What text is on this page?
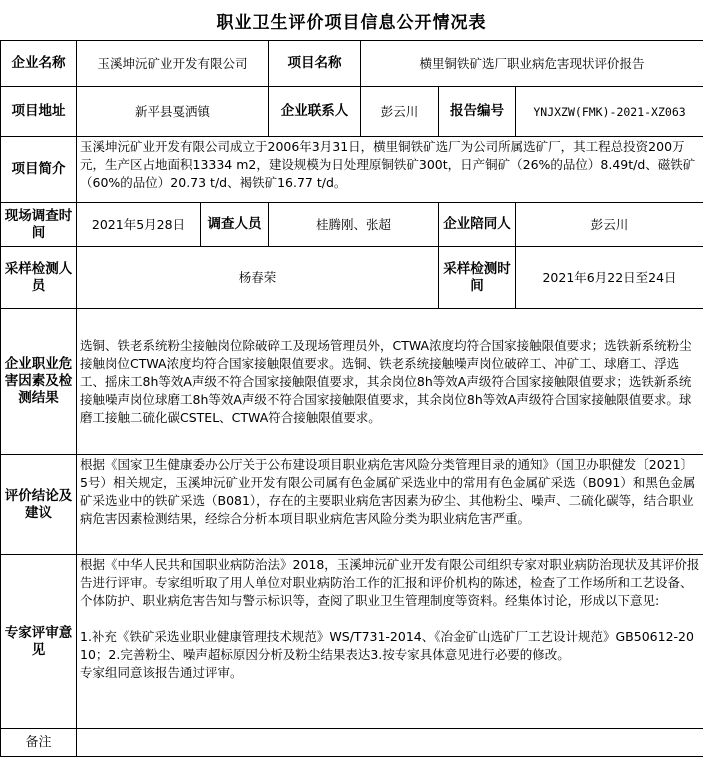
职业卫生评价项目信息公开情况表
企业名称	玉溪坤沅矿业开发有限公司		项目名称	横里铜铁矿选厂职业病危害现状评价报告		
项目地址	新平县戛洒镇		企业联系人	彭云川	报告编号	YNJXZW(FMK)-2021-XZ063
项目简介	玉溪坤沅矿业开发有限公司成立于2006年3月31日，横里铜铁矿选厂为公司所属选矿厂，其工程总投资200万元，生产区占地面积13334 m2，建设规模为日处理原铜铁矿300t，日产铜矿（26%的品位）8.49t/d、磁铁矿（60%的品位）20.73 t/d、褐铁矿16.77 t/d。					
现场调查时间	2021年5月28日	调查人员	桂腾刚、张超		企业陪同人	彭云川
采样检测人员	杨春荣				采样检测时间	2021年6月22日至24日
企业职业危害因素及检测结果	选铜、铁老系统粉尘接触岗位除破碎工及现场管理员外，CTWA浓度均符合国家接触限值要求；选铁新系统粉尘接触岗位CTWA浓度均符合国家接触限值要求。选铜、铁老系统接触噪声岗位破碎工、冲矿工、球磨工、浮选工、摇床工8h等效A声级不符合国家接触限值要求，其余岗位8h等效A声级符合国家接触限值要求；选铁新系统接触噪声岗位球磨工8h等效A声级不符合国家接触限值要求，其余岗位8h等效A声级符合国家接触限值要求。球磨工接触二硫化碳CSTEL、CTWA符合接触限值要求。					
评价结论及建议	根据《国家卫生健康委办公厅关于公布建设项目职业病危害风险分类管理目录的通知》（国卫办职健发〔2021〕5号）相关规定，玉溪坤沅矿业开发有限公司属有色金属矿采选业中的常用有色金属矿采选（B091）和黑色金属矿采选业中的铁矿采选（B081），存在的主要职业病危害因素为矽尘、其他粉尘、噪声、二硫化碳等，结合职业病危害因素检测结果，经综合分析本项目职业病危害风险分类为职业病危害严重。					
专家评审意见	根据《中华人民共和国职业病防治法》2018，玉溪坤沅矿业开发有限公司组织专家对职业病防治现状及其评价报告进行评审。专家组听取了用人单位对职业病防治工作的汇报和评价机构的陈述，检查了工作场所和工艺设备、个体防护、职业病危害告知与警示标识等，查阅了职业卫生管理制度等资料。经集体讨论，形成以下意见:

1.补充《铁矿采选业职业健康管理技术规范》WS/T731-2014、《冶金矿山选矿厂工艺设计规范》GB50612-2010；2.完善粉尘、噪声超标原因分析及粉尘结果表达3.按专家具体意见进行必要的修改。
专家组同意该报告通过评审。					
备注						
